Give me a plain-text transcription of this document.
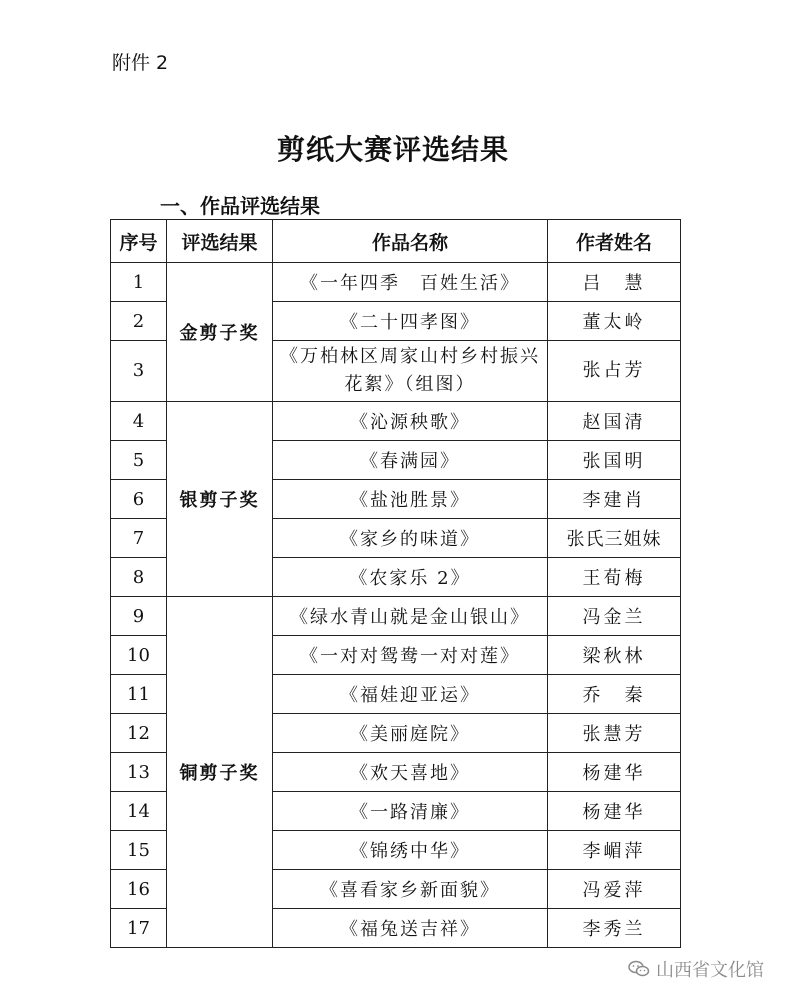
附件 2
剪纸大赛评选结果
一、作品评选结果
序号	评选结果	作品名称	作者姓名
1	金剪子奖	《一年四季　百姓生活》	吕　慧
2		《二十四孝图》	董太岭
3		《万柏林区周家山村乡村振兴花絮》（组图）	张占芳
4	银剪子奖	《沁源秧歌》	赵国清
5		《春满园》	张国明
6		《盐池胜景》	李建肖
7		《家乡的味道》	张氏三姐妹
8		《农家乐 2》	王荀梅
9	铜剪子奖	《绿水青山就是金山银山》	冯金兰
10		《一对对鸳鸯一对对莲》	梁秋林
11		《福娃迎亚运》	乔　秦
12		《美丽庭院》	张慧芳
13		《欢天喜地》	杨建华
14		《一路清廉》	杨建华
15		《锦绣中华》	李嵋萍
16		《喜看家乡新面貌》	冯爱萍
17		《福兔送吉祥》	李秀兰
山西省文化馆
